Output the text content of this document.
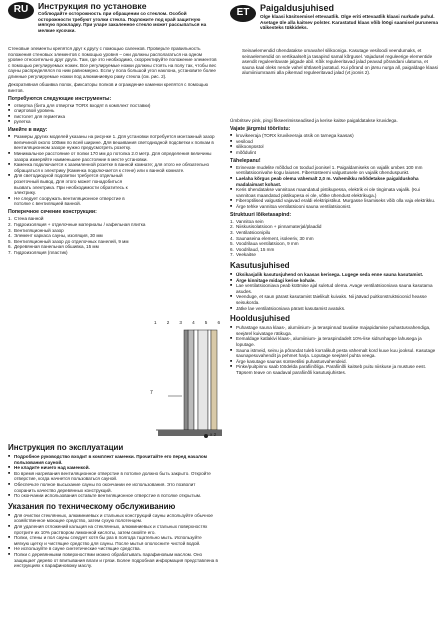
RU	Инструкция по установке
Соблюдайте осторожность при обращении со стеклом. Особой осторожности требуют уголки стекла. Подложите под край защитную мягкую прокладку. При уларе закаленное стекло может рассыпаться на мелкие кусочки.

Стеновые элементы крепятся друг к другу с помощью саленков. Проверьте правильность положения стеновых элементов с помощью уровня – они должны располагаться на одном уровне относительно друг друга. Там, где это необходимо, скорректируйте положение элементов с помощью регулируемых ножек. Все регулируемые ножки должны стоять на полу так, чтобы вес сауны распределялся по ним равномерно. Если у пола большой угол наклона, установите более длинные регулируемые ножки под алюминиевую раму стекла (см. рис. 2).

Декоративная обшивка полок, фиксаторы полков и ограждение каменки крепятся с помощью винтов.

Потребуются следующие инструменты:
■ отвертка (бита для отвертки TORX входят в комплект поставки)
■ спиртовой уровень
■ пистолет для герметика
■ рулетка
Имейте в виду:
■ Размеры других моделей указаны на рисунке 1. Для установки потребуется монтажный зазор величиной около 100мм по всей ширине. Для вешивания светодиодной подсветки к полкам в вентиляционном зазоре нужно предусмотреть розетку.
■ Минимальное расстояние от полки 170 мм до потолка 2.0 метр. Для определения величины зазора измеряйте наименьшее расстояние в месте установки.
■ Каменка подключается к заземленной розетке в ванной комнате; для этого не обязательно обращаться к электрику (Каменка подключается к стене) или к ванной комнате.
■ Для светодиодной подсветки требуется отдельный розеточный вывод. Для этого может понадобиться вызвать электрика. При необходимости обратитесь к электрику.
■ Не следует сооружать вентиляционное отверстие в потолке с вентиляцией ванной.
Поперечное сечение конструкции:
1. Стена ванной
2. Гидроизоляция + отделочные материалы / кафельная плитка
3. Вентиляционный зазор
4. Элемент каркаса сауны, изоляция, 30 мм
5. Вентиляционный зазор до отделочных панелей, 9 мм
6. Деревянная панельная обшивка, 15 мм
7. Гидроизоляция (пластик)
1 2 3 4 5 6
7
x 2
Инструкция по эксплуатации
■ Подробное руководство входит в комплект каменки. Прочитайте его перед началом пользования сауной.
■ Не кладите ничего над каменкой.
■ Во время нагревания вентиляционное отверстие в потолке должно быть закрыто. Откройте отверстие, когда начнется пользоваться сауной.
■ Обеспечьте полное высыхание сауны по окончании ее использования. Это позволит сохранить качество деревянных конструкций.
■ По окончании использования оставьте вентиляционное отверстие в потолке открытым.
Указания по техническому обслуживанию
■ Для очистки стеклянных, алюминиевых и стальных конструкций сауны используйте обычное хозяйственное моющее средство, затем сухую полотенцем.
■ Для удаления отложений кальция на стеклянных, алюминиевых и стальных поверхностях протрите их 10% раствором лимонной кислоты, затем смойте его.
■ Полки, стены и пол сауны следует хотя бы раз в полгода тщательно мыть. Используйте мягкую щетку и чистящее средство для сауны. После мытья ополосните чистой водой.
■ Не используйте в сауне синтетические чистящие средства.
■ Полки с деревянными поверхностями можно обрабатывать парафиновым маслом. Оно защищает дерево от впитывания влаги и грязи. Более подробная информация представлена в инструкциях к парафиновому маслу.
ET	Paigaldusjuhised
Olge klaasi käsitsemisel ettevaatlik. Olge eriti ettevaatlik klaasi nurkade puhul. Asetage üle alla kaitsev polster. Karastatud klaas võib löögi saamisel purunema väikesteks tükkideks.

Seinaelemendid ühendatakse omavahel silikooniga. Kasutage vesiloodi veendumaks, et seinaelemendid on vertikaalselt ja tasapind samal kõrgusel. Vajadusel reguleerige elementide asendit reguleeritavate jalgade abil. Kõik reguleeritavad jalad peavad põrandani ulatuma, et sauna kaal oleks nende vahel ühtlaselt jaotatud. Kui põrand on järsu nurga all, paigaldage klaasi alumiiniumraami alla pikemad reguleeritavad jalad (vt joonis 2).

Ümbritsev pink, pingi fikseerimisseadised ja kerise kaitse paigaldatakse kruvidega.

Vajate järgmisi tööriistu:
■ kruvikeeraja (TORX kruvikeeraja otsik on tarnega kaasas)
■ vesilood
■ silikoonpüstol
■ mõõdulint
Tähelepanu!
■ Erinevate mudelite mõõdud on toodud joonisel 1. Paigaldamiseks on vajalik umbes 100 mm ventilatsioonivahe kogu laiuses. Fibersüsteemi valgustusele on vajalik ühenduspunkt.
■ Laelaha kõrgus peab olema vähemalt 2,0 m. Vahemikku mõõdetakse paigalduskoha madalaimast kohast.
■ Keris ühendatakse vannitoas maandatud pistikupessa, elektrik ei ole tingimata vajalik. (Kui vannitoas maandatud pistikupesa ei ole, võtke ühendust elektrikuga.)
■ Fiberoptilised valgustid vajavad eraldi elektripistikut. Murgasse lisamiseks võib olla vaja elektrikku.
■ Ärge tehke vannitoa ventilatsiooni sauna ventilatsioonist.
Struktuuri lõiketasapind:
1. Vannitoa sein
2. Niiskusisolatsioon + pinnamaterjal/plaadid
3. Ventilatsioonipilu
4. Saunaseina element, isoleeriv, 30 mm
5. Voodrilaua ventilatsioon, 9 mm
6. Voodrilaud, 15 mm
7. Veekaitse
Kasutusjuhised
■ Üksikasjalik kasutusjuhend on kaasas kerisega. Lugege seda enne sauna kasutamist.
■ Ärge kinnitage midagi kerise kohale.
■ Lae ventilatsiooniava peab küttmise ajal suletud olema. Avage ventilatsiooniava sauna kasutama asudes.
■ Veenduge, et saun pärast kasutamist täielikult kuivaks. Nii jäävad puitkonstruktsioonid heasse seisukorda.
■ Jätke lae ventilatsiooniava pärast kasutamist avatuks.
Hooldusjuhised
■ Puhastage sauna klaas-, alumiinium- ja teraspinnad tavalise majapidamise puhastusvahendiga, seejärel kuivatage rätikuga.
■ Eemaldage katlakivi klaas-, alumiinium- ja teraspindadelt 10%-lise sidrunhappe lahusega ja loputage.
■ Sauna istmeid, seinu ja põrandat tuleb korralikult pesta vähemalt kord kuue kuu jooksul. Kasutage saunapesuvahendit ja pehmet harja. Loputage seejärel puhta veega.
■ Ärge kasutage saunas sünteetilisi puhastusvahendeid.
■ Pinke/puitpinnu saab töödelda parafiinõliga. Parafiinõli kaitseb puitu niiskuse ja mustuse eest. Täpsem teave on saadaval parafiinõli kasutusjuhistes.
